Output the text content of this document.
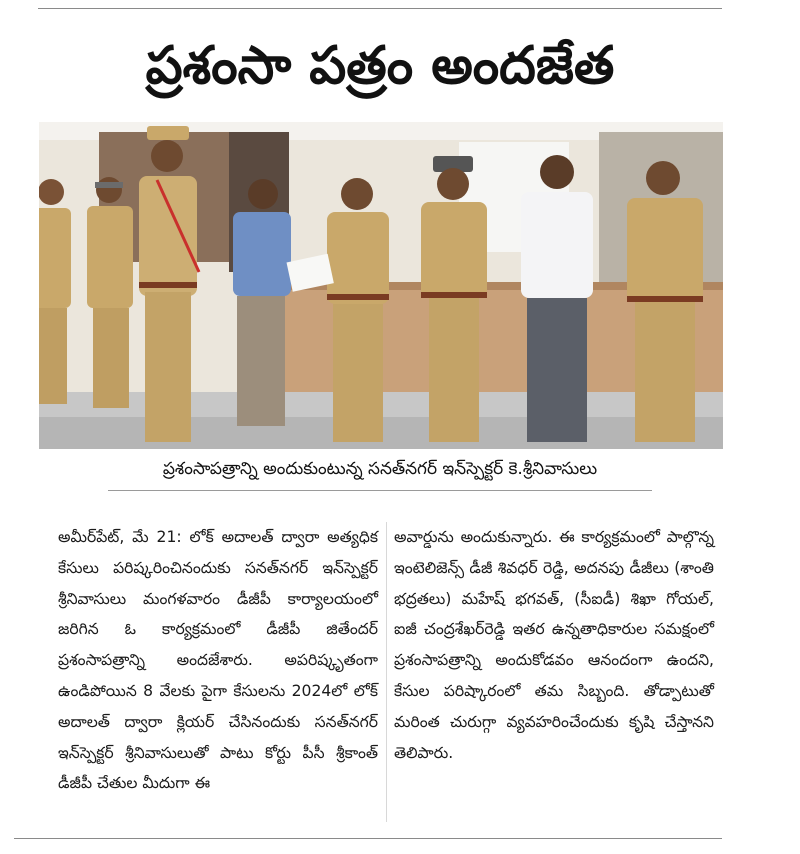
ప్రశంసా పత్రం అందజేత
ప్రశంసాపత్రాన్ని అందుకుంటున్న సనత్‌నగర్ ఇన్‌స్పెక్టర్ కె.శ్రీనివాసులు

అమీర్‌పేట్, మే 21: లోక్ అదాలత్ ద్వారా అత్యధిక కేసులు పరిష్కరించినందుకు సనత్‌నగర్ ఇన్‌స్పెక్టర్ శ్రీనివాసులు మంగళవారం డీజీపీ కార్యాలయంలో జరిగిన ఓ కార్యక్రమంలో డీజీపీ జితేందర్ ప్రశంసాపత్రాన్ని అందజేశారు. అపరిష్కృతంగా ఉండిపోయిన 8 వేలకు పైగా కేసులను 2024లో లోక్ అదాలత్ ద్వారా క్లియర్ చేసినందుకు సనత్‌నగర్ ఇన్‌స్పెక్టర్ శ్రీనివాసులుతో పాటు కోర్టు పీసీ శ్రీకాంత్ డీజీపీ చేతుల మీదుగా ఈ

అవార్డును అందుకున్నారు. ఈ కార్యక్రమంలో పాల్గొన్న ఇంటెలిజెన్స్ డీజీ శివధర్ రెడ్డి, అదనపు డీజీలు (శాంతి భద్రతలు) మహేష్ భగవత్, (సీఐడీ) శిఖా గోయల్, ఐజీ చంద్రశేఖర్‌రెడ్డి ఇతర ఉన్నతాధికారుల సమక్షంలో ప్రశంసాపత్రాన్ని అందుకోడవం ఆనందంగా ఉందని, కేసుల పరిష్కారంలో తమ సిబ్బంది. తోడ్పాటుతో మరింత చురుగ్గా వ్యవహరించేందుకు కృషి చేస్తానని తెలిపారు.
